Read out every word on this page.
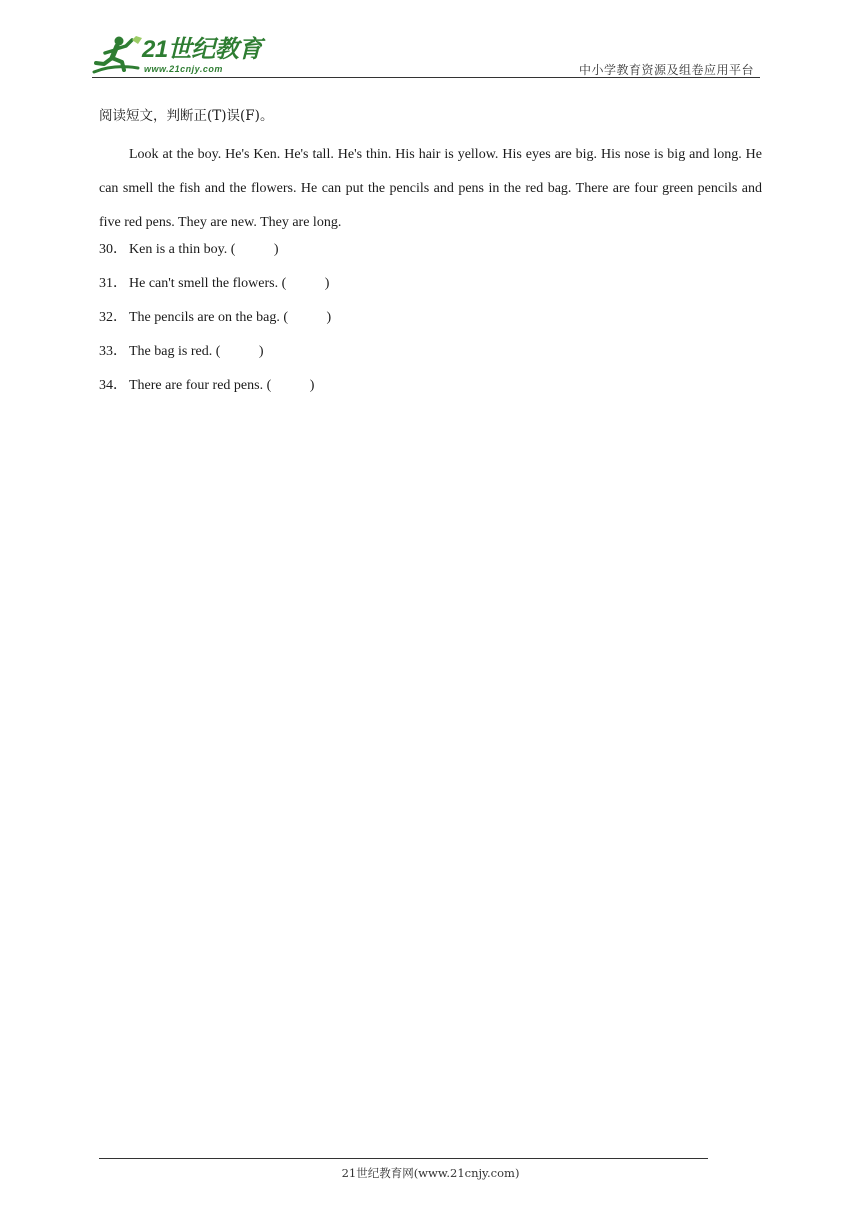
21世纪教育
www.21cnjy.com	中小学教育资源及组卷应用平台
阅读短文，判断正(T)误(F)。

Look at the boy. He's Ken. He's tall. He's thin. His hair is yellow. His eyes are big. His nose is big and long. He can smell the fish and the flowers. He can put the pencils and pens in the red bag. There are four green pencils and five red pens. They are new. They are long.

30． Ken is a thin boy. (           )
31． He can't smell the flowers. (           )
32． The pencils are on the bag. (           )
33． The bag is red. (           )
34． There are four red pens. (           )
21世纪教育网(www.21cnjy.com)
